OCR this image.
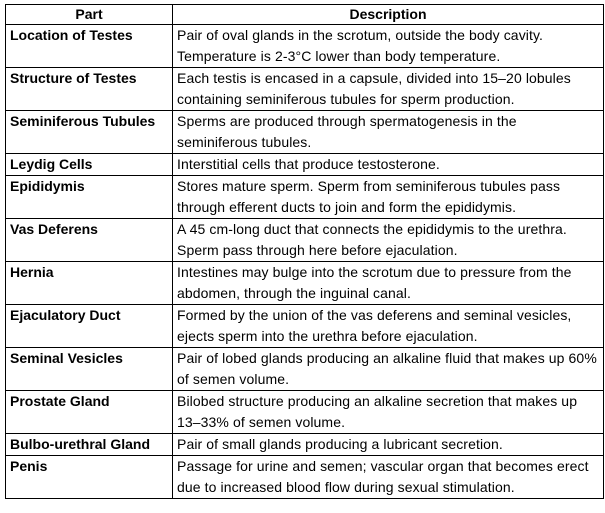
Part	Description
Location of Testes	Pair of oval glands in the scrotum, outside the body cavity. Temperature is 2-3°C lower than body temperature.
Structure of Testes	Each testis is encased in a capsule, divided into 15–20 lobules containing seminiferous tubules for sperm production.
Seminiferous Tubules	Sperms are produced through spermatogenesis in the seminiferous tubules.
Leydig Cells	Interstitial cells that produce testosterone.
Epididymis	Stores mature sperm. Sperm from seminiferous tubules pass through efferent ducts to join and form the epididymis.
Vas Deferens	A 45 cm-long duct that connects the epididymis to the urethra. Sperm pass through here before ejaculation.
Hernia	Intestines may bulge into the scrotum due to pressure from the abdomen, through the inguinal canal.
Ejaculatory Duct	Formed by the union of the vas deferens and seminal vesicles, ejects sperm into the urethra before ejaculation.
Seminal Vesicles	Pair of lobed glands producing an alkaline fluid that makes up 60% of semen volume.
Prostate Gland	Bilobed structure producing an alkaline secretion that makes up 13–33% of semen volume.
Bulbo-urethral Gland	Pair of small glands producing a lubricant secretion.
Penis	Passage for urine and semen; vascular organ that becomes erect due to increased blood flow during sexual stimulation.
